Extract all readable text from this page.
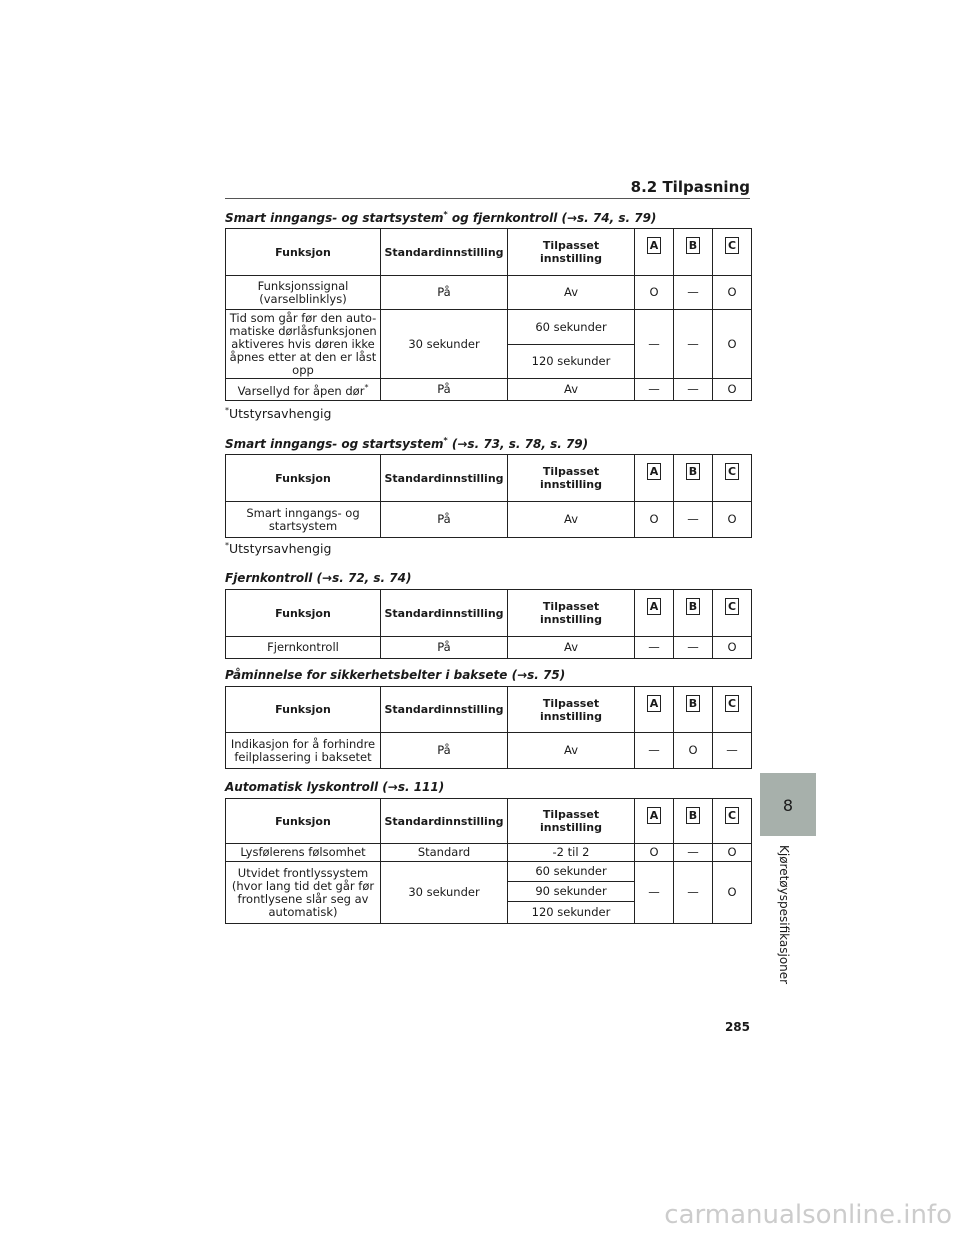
8.2 Tilpasning
Smart inngangs- og startsystem* og fjernkontroll (→s. 74, s. 79)
Funksjon	Standardinnstilling	Tilpasset innstilling	A	B	C
Funksjonssignal (varselblinklys)	På	Av	O	—	O
Tid som går før den auto-matiske dørlåsfunksjonen aktiveres hvis døren ikke åpnes etter at den er låst opp	30 sekunder	60 sekunder	—	—	O
		120 sekunder			
Varsellyd for åpen dør*	På	Av	—	—	O
*Utstyrsavhengig
Smart inngangs- og startsystem* (→s. 73, s. 78, s. 79)
Funksjon	Standardinnstilling	Tilpasset innstilling	A	B	C
Smart inngangs- og startsystem	På	Av	O	—	O
*Utstyrsavhengig
Fjernkontroll (→s. 72, s. 74)
Funksjon	Standardinnstilling	Tilpasset innstilling	A	B	C
Fjernkontroll	På	Av	—	—	O
Påminnelse for sikkerhetsbelter i baksete (→s. 75)
Funksjon	Standardinnstilling	Tilpasset innstilling	A	B	C
Indikasjon for å forhindre feilplassering i baksetet	På	Av	—	O	—
Automatisk lyskontroll (→s. 111)
Funksjon	Standardinnstilling	Tilpasset innstilling	A	B	C
Lysfølerens følsomhet	Standard	-2 til 2	O	—	O
Utvidet frontlyssystem (hvor lang tid det går før frontlysene slår seg av automatisk)	30 sekunder	60 sekunder	—	—	O
		90 sekunder			
		120 sekunder			
8
Kjøretøyspesifikasjoner
285
carmanualsonline.info
